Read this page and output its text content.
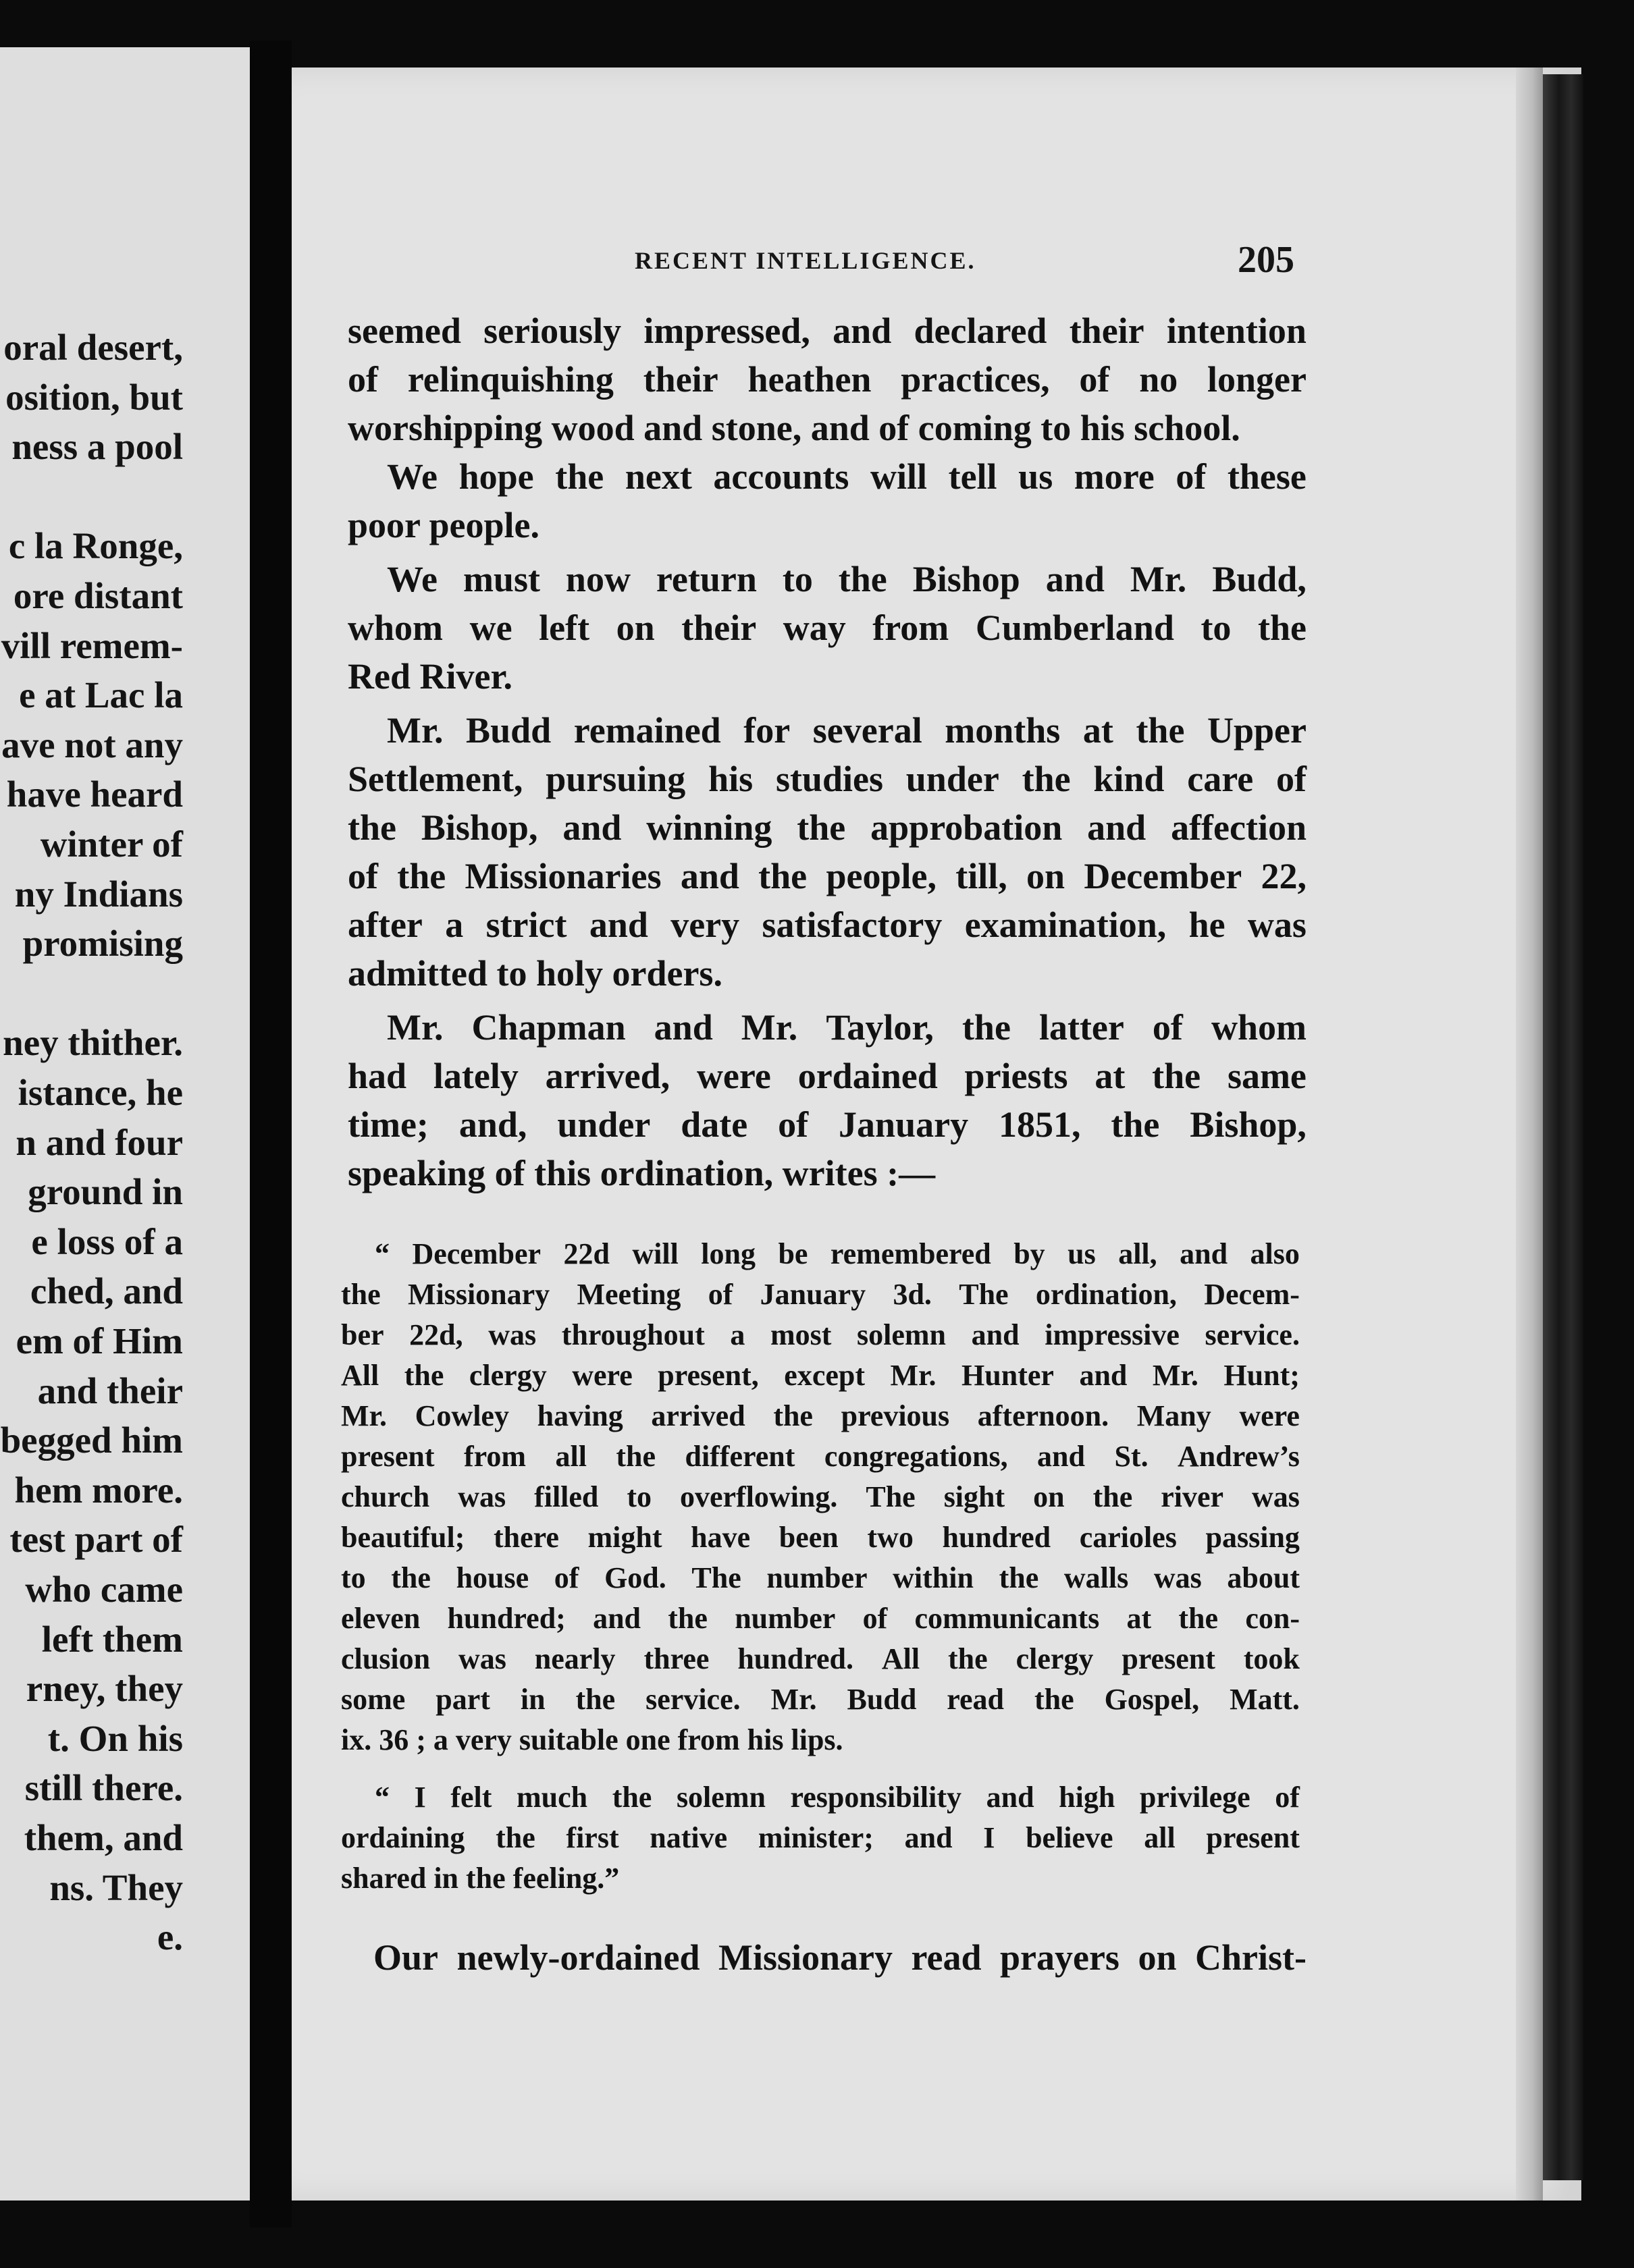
oral desert,
osition, but
ness a pool
c la Ronge,
ore distant
vill remem-
e at Lac la
ave not any
have heard
winter of
ny Indians
promising
ney thither.
istance, he
n and four
ground in
e loss of a
ched, and
em of Him
and their
begged him
hem more.
test part of
who came
left them
rney, they
t. On his
still there.
them, and
ns. They
e.
RECENT INTELLIGENCE.	205
seemed seriously impressed, and declared their intention
of relinquishing their heathen practices, of no longer
worshipping wood and stone, and of coming to his school.
We hope the next accounts will tell us more of these
poor people.
We must now return to the Bishop and Mr. Budd,
whom we left on their way from Cumberland to the
Red River.
Mr. Budd remained for several months at the Upper
Settlement, pursuing his studies under the kind care of
the Bishop, and winning the approbation and affection
of the Missionaries and the people, till, on December 22,
after a strict and very satisfactory examination, he was
admitted to holy orders.
Mr. Chapman and Mr. Taylor, the latter of whom
had lately arrived, were ordained priests at the same
time; and, under date of January 1851, the Bishop,
speaking of this ordination, writes :—
“ December 22d will long be remembered by us all, and also
the Missionary Meeting of January 3d. The ordination, Decem-
ber 22d, was throughout a most solemn and impressive service.
All the clergy were present, except Mr. Hunter and Mr. Hunt;
Mr. Cowley having arrived the previous afternoon. Many were
present from all the different congregations, and St. Andrew’s
church was filled to overflowing. The sight on the river was
beautiful; there might have been two hundred carioles passing
to the house of God. The number within the walls was about
eleven hundred; and the number of communicants at the con-
clusion was nearly three hundred. All the clergy present took
some part in the service. Mr. Budd read the Gospel, Matt.
ix. 36 ; a very suitable one from his lips.
“ I felt much the solemn responsibility and high privilege of
ordaining the first native minister; and I believe all present
shared in the feeling.”
Our newly-ordained Missionary read prayers on Christ-
